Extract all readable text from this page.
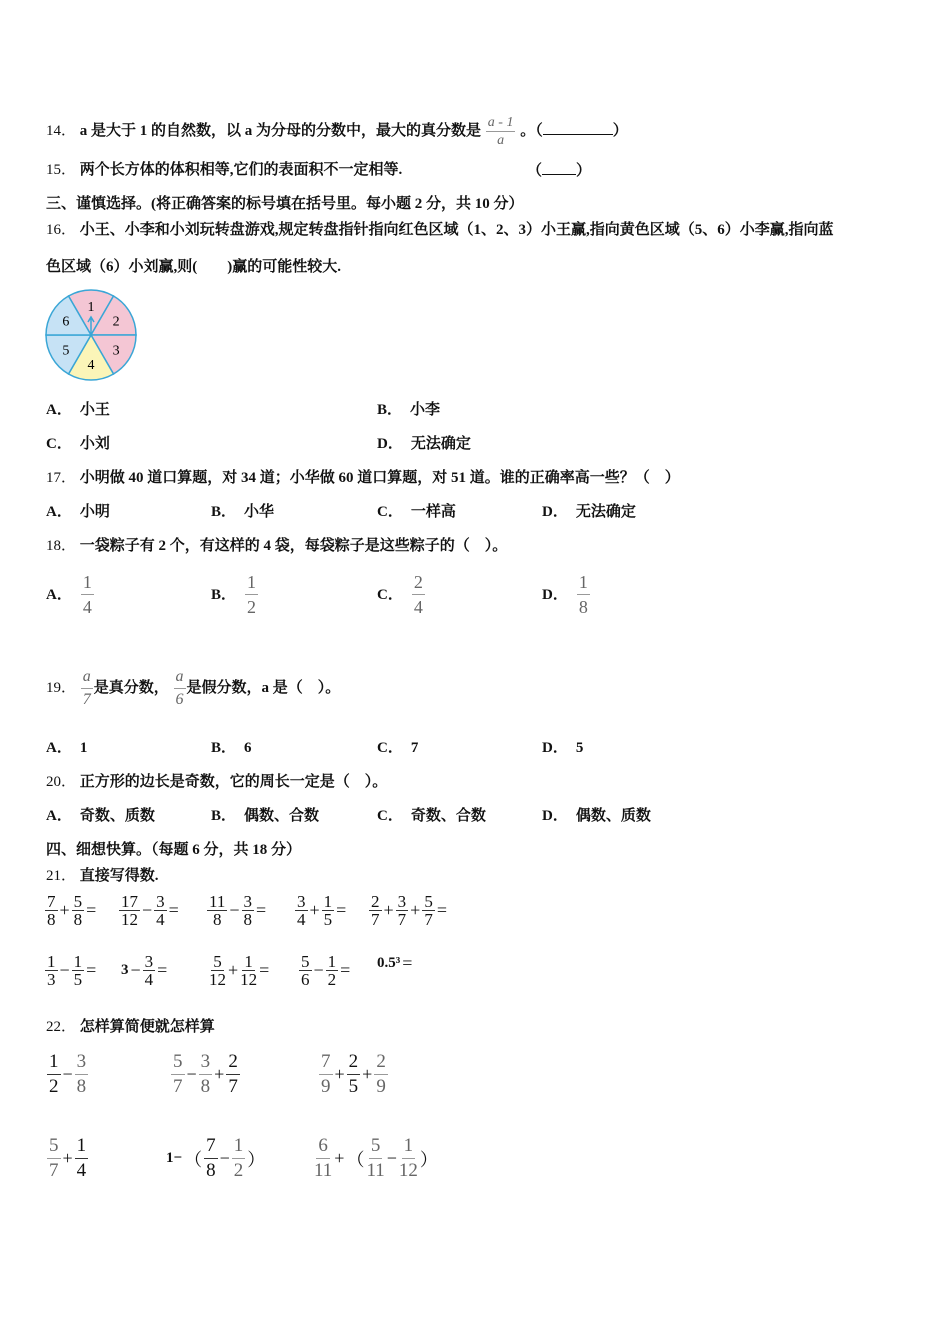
14． a 是大于 1 的自然数，以 a 为分母的分数中，最大的真分数是 $\frac{a - 1}{a}$ 。（	）
15． 两个长方体的体积相等,它们的表面积不一定相等.	（ ）
三、谨慎选择。(将正确答案的标号填在括号里。每小题 2 分，共 10 分）
16． 小王、小李和小刘玩转盘游戏,规定转盘指针指向红色区域（1、2、3）小王赢,指向黄色区域（5、6）小李赢,指向蓝
色区域（6）小刘赢,则(　　)赢的可能性较大.
1
2
3
4
5
6
17． 小明做 40 道口算题，对 34 道；小华做 60 道口算题，对 51 道。谁的正确率高一些？（　）
18． 一袋粽子有 2 个，有这样的 4 袋，每袋粽子是这些粽子的（　）。
19． $\frac{a}{7}$ 是真分数， $\frac{a}{6}$ 是假分数，a 是（　）。
20． 正方形的边长是奇数，它的周长一定是（　）。
四、细想快算。（每题 6 分，共 18 分）
21． 直接写得数.
22． 怎样算简便就怎样算
A． 小王	B． 小李
C． 小刘	D． 无法确定
A． 小明	B． 小华	C． 一样高	D． 无法确定
A． $\frac{1}{4}$	B． $\frac{1}{2}$	C． $\frac{2}{4}$	D． $\frac{1}{8}$
A． 1	B． 6	C． 7	D． 5
A． 奇数、质数	B． 偶数、合数	C． 奇数、合数	D． 偶数、质数
$\frac{7}{8} + \frac{5}{8} = \frac{17}{12} - \frac{3}{4} = \frac{11}{8} - \frac{3}{8} = \frac{3}{4} + \frac{1}{5} = \frac{2}{7} + \frac{3}{7} + \frac{5}{7}$ =
$\frac{1}{3} - \frac{1}{5} = 3 - \frac{3}{4} = \frac{5}{12} + \frac{1}{12} = \frac{5}{6} - \frac{1}{2} = 0.5^3$ =
$\frac{1}{2} - \frac{3}{8}$	$\frac{5}{7} - \frac{3}{8} + \frac{2}{7}$	$\frac{7}{9} + \frac{2}{5} + \frac{2}{9}$
$\frac{5}{7} + \frac{1}{4}$	1− （ $\frac{7}{8} - \frac{1}{2}$ ）	$\frac{6}{11}$ + （ $\frac{5}{11} - \frac{1}{12}$ ）
